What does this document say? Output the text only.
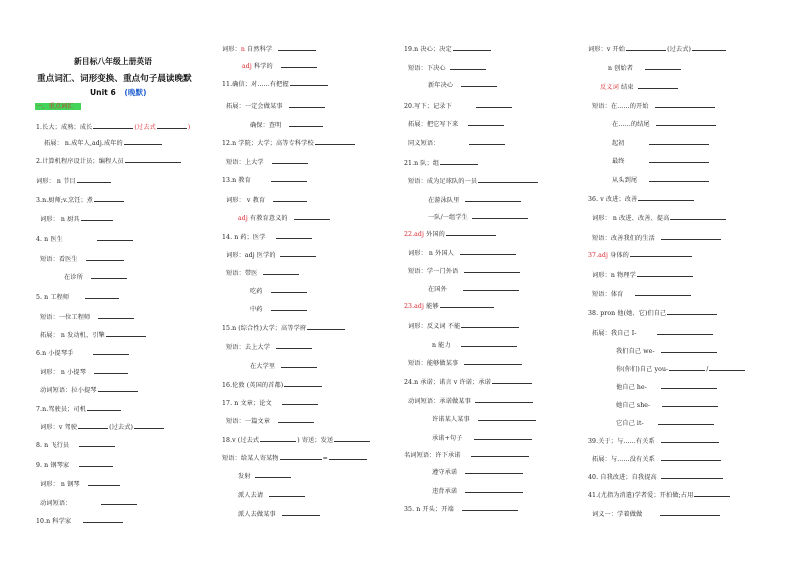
新目标八年级上册英语
重点词汇、词形变换、重点句子晨读晚默
Unit 6 (晚默)
一、重点词汇
1.长大；成熟；成长	(过去式	)
拓展： n.成年人,adj.成年的
2.计算机程序设计员；编程人员
词形： n 节目
3.n.厨师;v.烹饪；煮
词形： n 厨具
4. n 医生
短语：看医生
在诊所
5. n 工程师
短语：一位工程师
拓展： n 发动机、引擎
6.n 小提琴手
词形： n 小提琴
动词短语：拉小提琴
7.n.驾驶员；司机
词形：v 驾驶	(过去式)
8. n 飞行员
9. n 钢琴家
词形： n 钢琴
动词短语：
10.n 科学家
词形：n 自然科学
adj 科学的
11.确信；对……有把握
拓展：一定会做某事
确保：查明
12.n 学院；大学；高等专科学校
短语：上大学
13.n 教育
词形： v 教育
adj 有教育意义的
14. n 药；医学
词形：adj 医学的
短语：带医
吃药
中药
15.n (综合性)大学；高等学府
短语：去上大学
在大学里
16.伦敦 (英国的首都)
17. n 文章；论文
短语：一篇文章
18.v (过去式	) 寄送；发送
短语：给某人寄某物	=
发射
派人去请
派人去做某事
19.n 决心；决定
短语：下决心
新年决心
20.写下；记录下
拓展：把它写下来
同义短语：
21.n 队；组
短语：成为足球队的一员
在游泳队里
一队/一组学生
22.adj 外国的
词形： n 外国人
短语：学一门外语
在国外
23.adj 能够
词形：反义词 不能
n 能力
短语：能够做某事
24.n 承诺；诺言 v 许诺；承诺
动词短语：承诺做某事
许诺某人某事
承诺+句子
名词短语：许下承诺
遵守承诺
违背承诺
35. n 开头；开端
词形：v 开始	(过去式)
n 创始者
反义词 结束
短语：在……的开始
在……的结尾
起初
最终
从头到尾
36. v 改进；改善
词形： n 改进、改善、提高
短语：改善我们的生活
37.adj 身体的
词形：n 物理学
短语：体育
38. pron 他(她、它)们自己
拓展：我自己 I-
我们自己 we-
你(你们)自己 you-	/
他自己 he-
她自己 she-
它自己 it-
39.关于；与……有关系
拓展：与……没有关系
40. 自我改进；自我提高
41.(尤指为消遣)学者爱；开拍做;占用
词义一：学着做做
